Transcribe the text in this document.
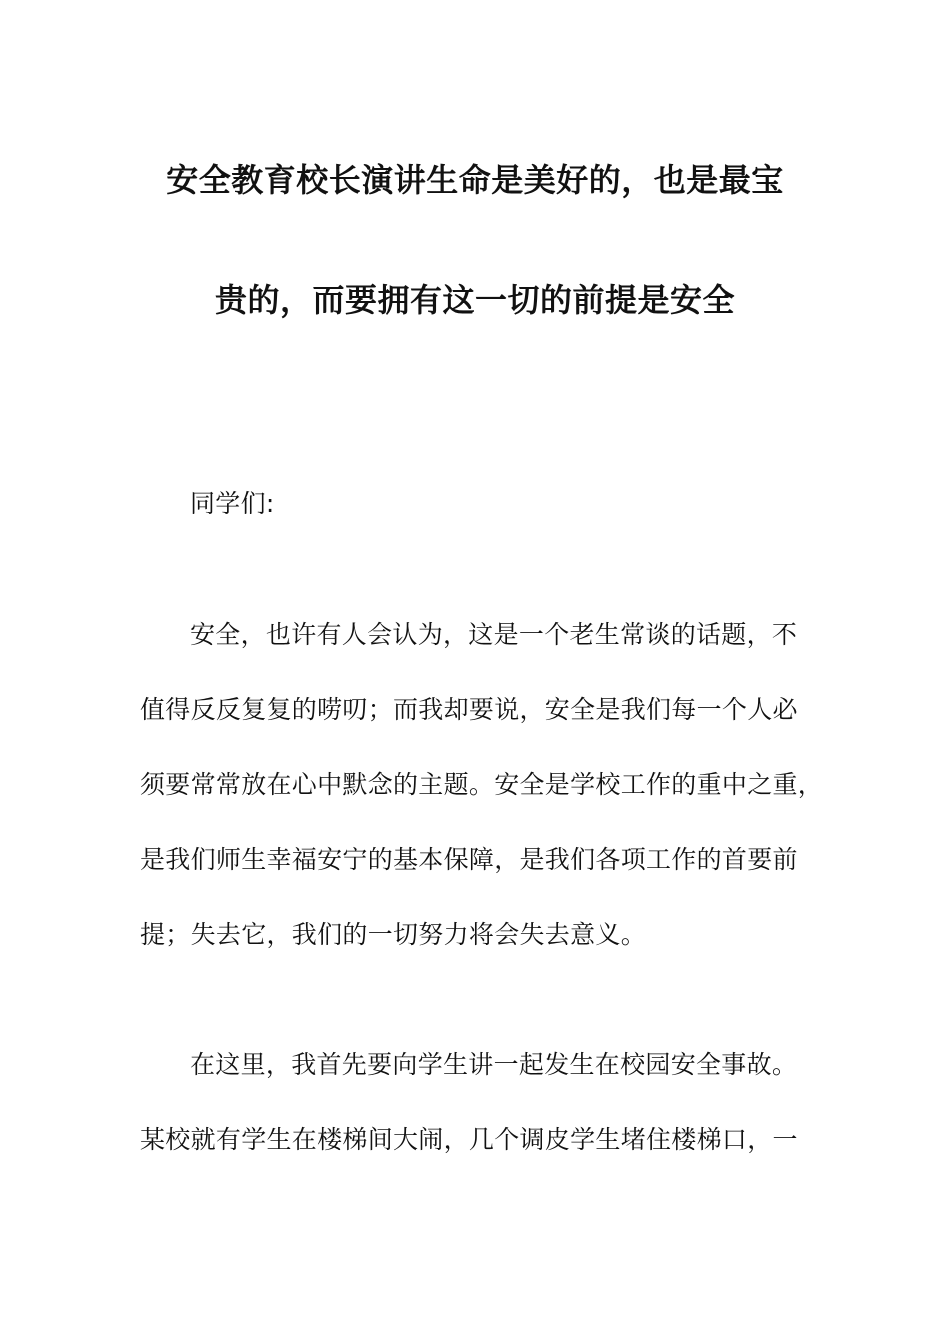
安全教育校长演讲生命是美好的，也是最宝
贵的，而要拥有这一切的前提是安全
同学们:
安全，也许有人会认为，这是一个老生常谈的话题，不
值得反反复复的唠叨；而我却要说，安全是我们每一个人必
须要常常放在心中默念的主题。安全是学校工作的重中之重，
是我们师生幸福安宁的基本保障，是我们各项工作的首要前
提；失去它，我们的一切努力将会失去意义。
在这里，我首先要向学生讲一起发生在校园安全事故。
某校就有学生在楼梯间大闹，几个调皮学生堵住楼梯口，一
